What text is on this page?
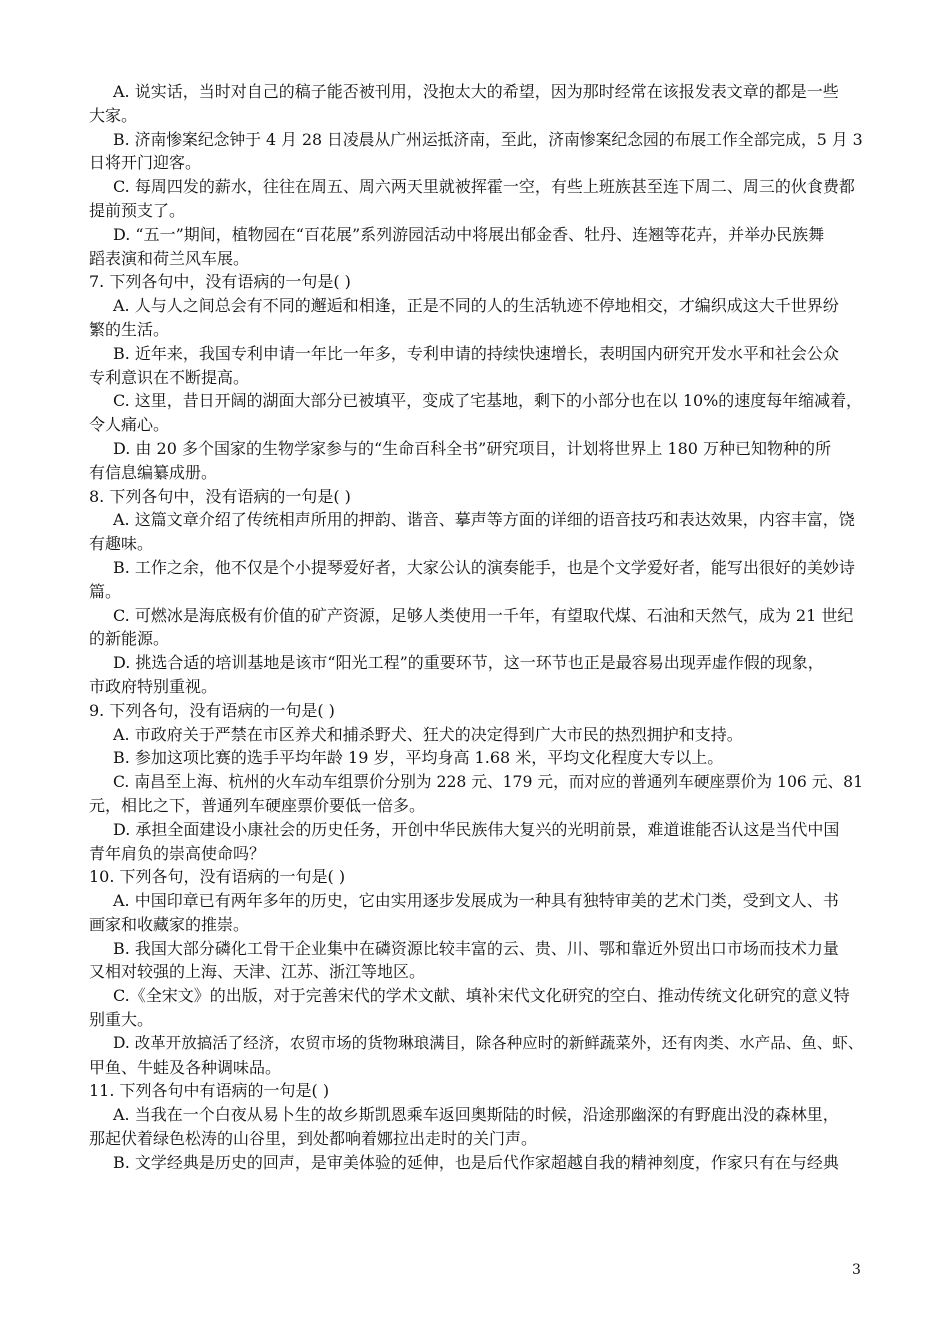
A. 说实话，当时对自己的稿子能否被刊用，没抱太大的希望，因为那时经常在该报发表文章的都是一些
大家。
B. 济南惨案纪念钟于 4 月 28 日凌晨从广州运抵济南，至此，济南惨案纪念园的布展工作全部完成，5 月 3
日将开门迎客。
C. 每周四发的薪水，往往在周五、周六两天里就被挥霍一空，有些上班族甚至连下周二、周三的伙食费都
提前预支了。
D. “五一”期间，植物园在“百花展”系列游园活动中将展出郁金香、牡丹、连翘等花卉，并举办民族舞
蹈表演和荷兰风车展。
7. 下列各句中，没有语病的一句是( )
A. 人与人之间总会有不同的邂逅和相逢，正是不同的人的生活轨迹不停地相交，才编织成这大千世界纷
繁的生活。
B. 近年来，我国专利申请一年比一年多，专利申请的持续快速增长，表明国内研究开发水平和社会公众
专利意识在不断提高。
C. 这里，昔日开阔的湖面大部分已被填平，变成了宅基地，剩下的小部分也在以 10%的速度每年缩减着，
令人痛心。
D. 由 20 多个国家的生物学家参与的“生命百科全书”研究项目，计划将世界上 180 万种已知物种的所
有信息编纂成册。
8. 下列各句中，没有语病的一句是( )
A. 这篇文章介绍了传统相声所用的押韵、谐音、摹声等方面的详细的语音技巧和表达效果，内容丰富，饶
有趣味。
B. 工作之余，他不仅是个小提琴爱好者，大家公认的演奏能手，也是个文学爱好者，能写出很好的美妙诗
篇。
C. 可燃冰是海底极有价值的矿产资源，足够人类使用一千年，有望取代煤、石油和天然气，成为 21 世纪
的新能源。
D. 挑选合适的培训基地是该市“阳光工程”的重要环节，这一环节也正是最容易出现弄虚作假的现象，
市政府特别重视。
9. 下列各句，没有语病的一句是( )
A. 市政府关于严禁在市区养犬和捕杀野犬、狂犬的决定得到广大市民的热烈拥护和支持。
B. 参加这项比赛的选手平均年龄 19 岁，平均身高 1.68 米，平均文化程度大专以上。
C. 南昌至上海、杭州的火车动车组票价分别为 228 元、179 元，而对应的普通列车硬座票价为 106 元、81
元，相比之下，普通列车硬座票价要低一倍多。
D. 承担全面建设小康社会的历史任务，开创中华民族伟大复兴的光明前景，难道谁能否认这是当代中国
青年肩负的崇高使命吗？
10. 下列各句，没有语病的一句是( )
A. 中国印章已有两年多年的历史，它由实用逐步发展成为一种具有独特审美的艺术门类，受到文人、书
画家和收藏家的推崇。
B. 我国大部分磷化工骨干企业集中在磷资源比较丰富的云、贵、川、鄂和靠近外贸出口市场而技术力量
又相对较强的上海、天津、江苏、浙江等地区。
C.《全宋文》的出版，对于完善宋代的学术文献、填补宋代文化研究的空白、推动传统文化研究的意义特
别重大。
D. 改革开放搞活了经济，农贸市场的货物琳琅满目，除各种应时的新鲜蔬菜外，还有肉类、水产品、鱼、虾、
甲鱼、牛蛙及各种调味品。
11. 下列各句中有语病的一句是( )
A. 当我在一个白夜从易卜生的故乡斯凯恩乘车返回奥斯陆的时候，沿途那幽深的有野鹿出没的森林里，
那起伏着绿色松涛的山谷里，到处都响着娜拉出走时的关门声。
B. 文学经典是历史的回声，是审美体验的延伸，也是后代作家超越自我的精神刻度，作家只有在与经典
3
